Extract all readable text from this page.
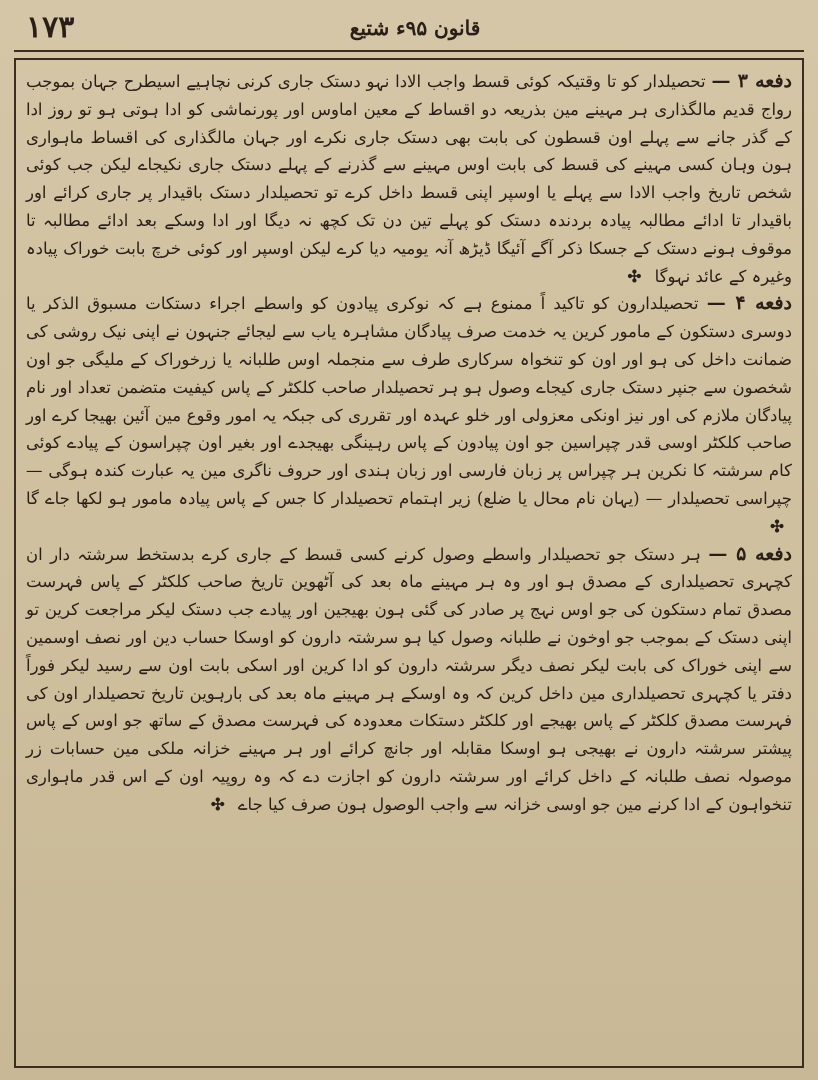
۱۷۳	قانون ۹۵ء شتیع

دفعه ۳ — تحصیلدار کو تا وقتیکہ کوئی قسط واجب الادا نہو دستک جاری کرنی نچاہیے اسیطرح جہان بموجب رواج قدیم مالگذاری ہر مہینے مین بذریعہ دو اقساط کے معین اماوس اور پورنماشی کو ادا ہوتی ہو تو روز ادا کے گذر جانے سے پہلے اون قسطون کی بابت بھی دستک جاری نکرے اور جہان مالگذاری کی اقساط ماہواری ہون وہان کسی مہینے کی قسط کی بابت اوس مہینے سے گذرنے کے پہلے دستک جاری نکیجاے لیکن جب کوئی شخص تاریخ واجب الادا سے پہلے یا اوسپر اپنی قسط داخل کرے تو تحصیلدار دستک باقیدار پر جاری کرائے اور باقیدار تا ادائے مطالبہ پیادہ بردندہ دستک کو پہلے تین دن تک کچھ نہ دیگا اور ادا وسکے بعد ادائے مطالبہ تا موقوف ہونے دستک کے جسکا ذکر آگے آئیگا ڈیڑھ آنہ یومیہ دیا کرے لیکن اوسپر اور کوئی خرچ بابت خوراک پیادہ وغیرہ کے عائد نہوگا ✣

دفعه ۴ — تحصیلدارون کو تاکید اً ممنوع ہے کہ نوکری پیادون کو واسطے اجراء دستکات مسبوق الذکر یا دوسری دستکون کے مامور کرین یہ خدمت صرف پیادگان مشاہرہ یاب سے لیجائے جنہون نے اپنی نیک روشی کی ضمانت داخل کی ہو اور اون کو تنخواہ سرکاری طرف سے منجملہ اوس طلبانہ یا زرخوراک کے ملیگی جو اون شخصون سے جنپر دستک جاری کیجاے وصول ہو ہر تحصیلدار صاحب کلکٹر کے پاس کیفیت متضمن تعداد اور نام پیادگان ملازم کی اور نیز اونکی معزولی اور خلو عہدہ اور تقرری کی جبکہ یہ امور وقوع مین آئین بھیجا کرے اور صاحب کلکٹر اوسی قدر چپراسین جو اون پیادون کے پاس رہینگی بھیجدے اور بغیر اون چپراسون کے پیادے کوئی کام سرشتہ کا نکرین ہر چپراس پر زبان فارسی اور زبان ہندی اور حروف ناگری مین یہ عبارت کندہ ہوگی — چپراسی تحصیلدار — (یہان نام محال یا ضلع) زیر اہتمام تحصیلدار کا جس کے پاس پیادہ مامور ہو لکھا جاے گا ✣

دفعه ۵ — ہر دستک جو تحصیلدار واسطے وصول کرنے کسی قسط کے جاری کرے بدستخط سرشتہ دار ان کچہری تحصیلداری کے مصدق ہو اور وہ ہر مہینے ماہ بعد کی آٹھوین تاریخ صاحب کلکٹر کے پاس فہرست مصدق تمام دستکون کی جو اوس نہج پر صادر کی گئی ہون بھیجین اور پیادے جب دستک لیکر مراجعت کرین تو اپنی دستک کے بموجب جو اوخون نے طلبانہ وصول کیا ہو سرشتہ دارون کو اوسکا حساب دین اور نصف اوسمین سے اپنی خوراک کی بابت لیکر نصف دیگر سرشتہ دارون کو ادا کرین اور اسکی بابت اون سے رسید لیکر فوراً دفتر یا کچہری تحصیلداری مین داخل کرین کہ وہ اوسکے ہر مہینے ماہ بعد کی بارہوین تاریخ تحصیلدار اون کی فہرست مصدق کلکٹر کے پاس بھیجے اور کلکٹر دستکات معدودہ کی فہرست مصدق کے ساتھ جو اوس کے پاس پیشتر سرشتہ دارون نے بھیجی ہو اوسکا مقابلہ اور جانچ کرائے اور ہر مہینے خزانہ ملکی مین حسابات زر موصولہ نصف طلبانہ کے داخل کرائے اور سرشتہ دارون کو اجازت دے کہ وہ روپیہ اون کے اس قدر ماہواری تنخواہون کے ادا کرنے مین جو اوسی خزانہ سے واجب الوصول ہون صرف کیا جاے ✣
